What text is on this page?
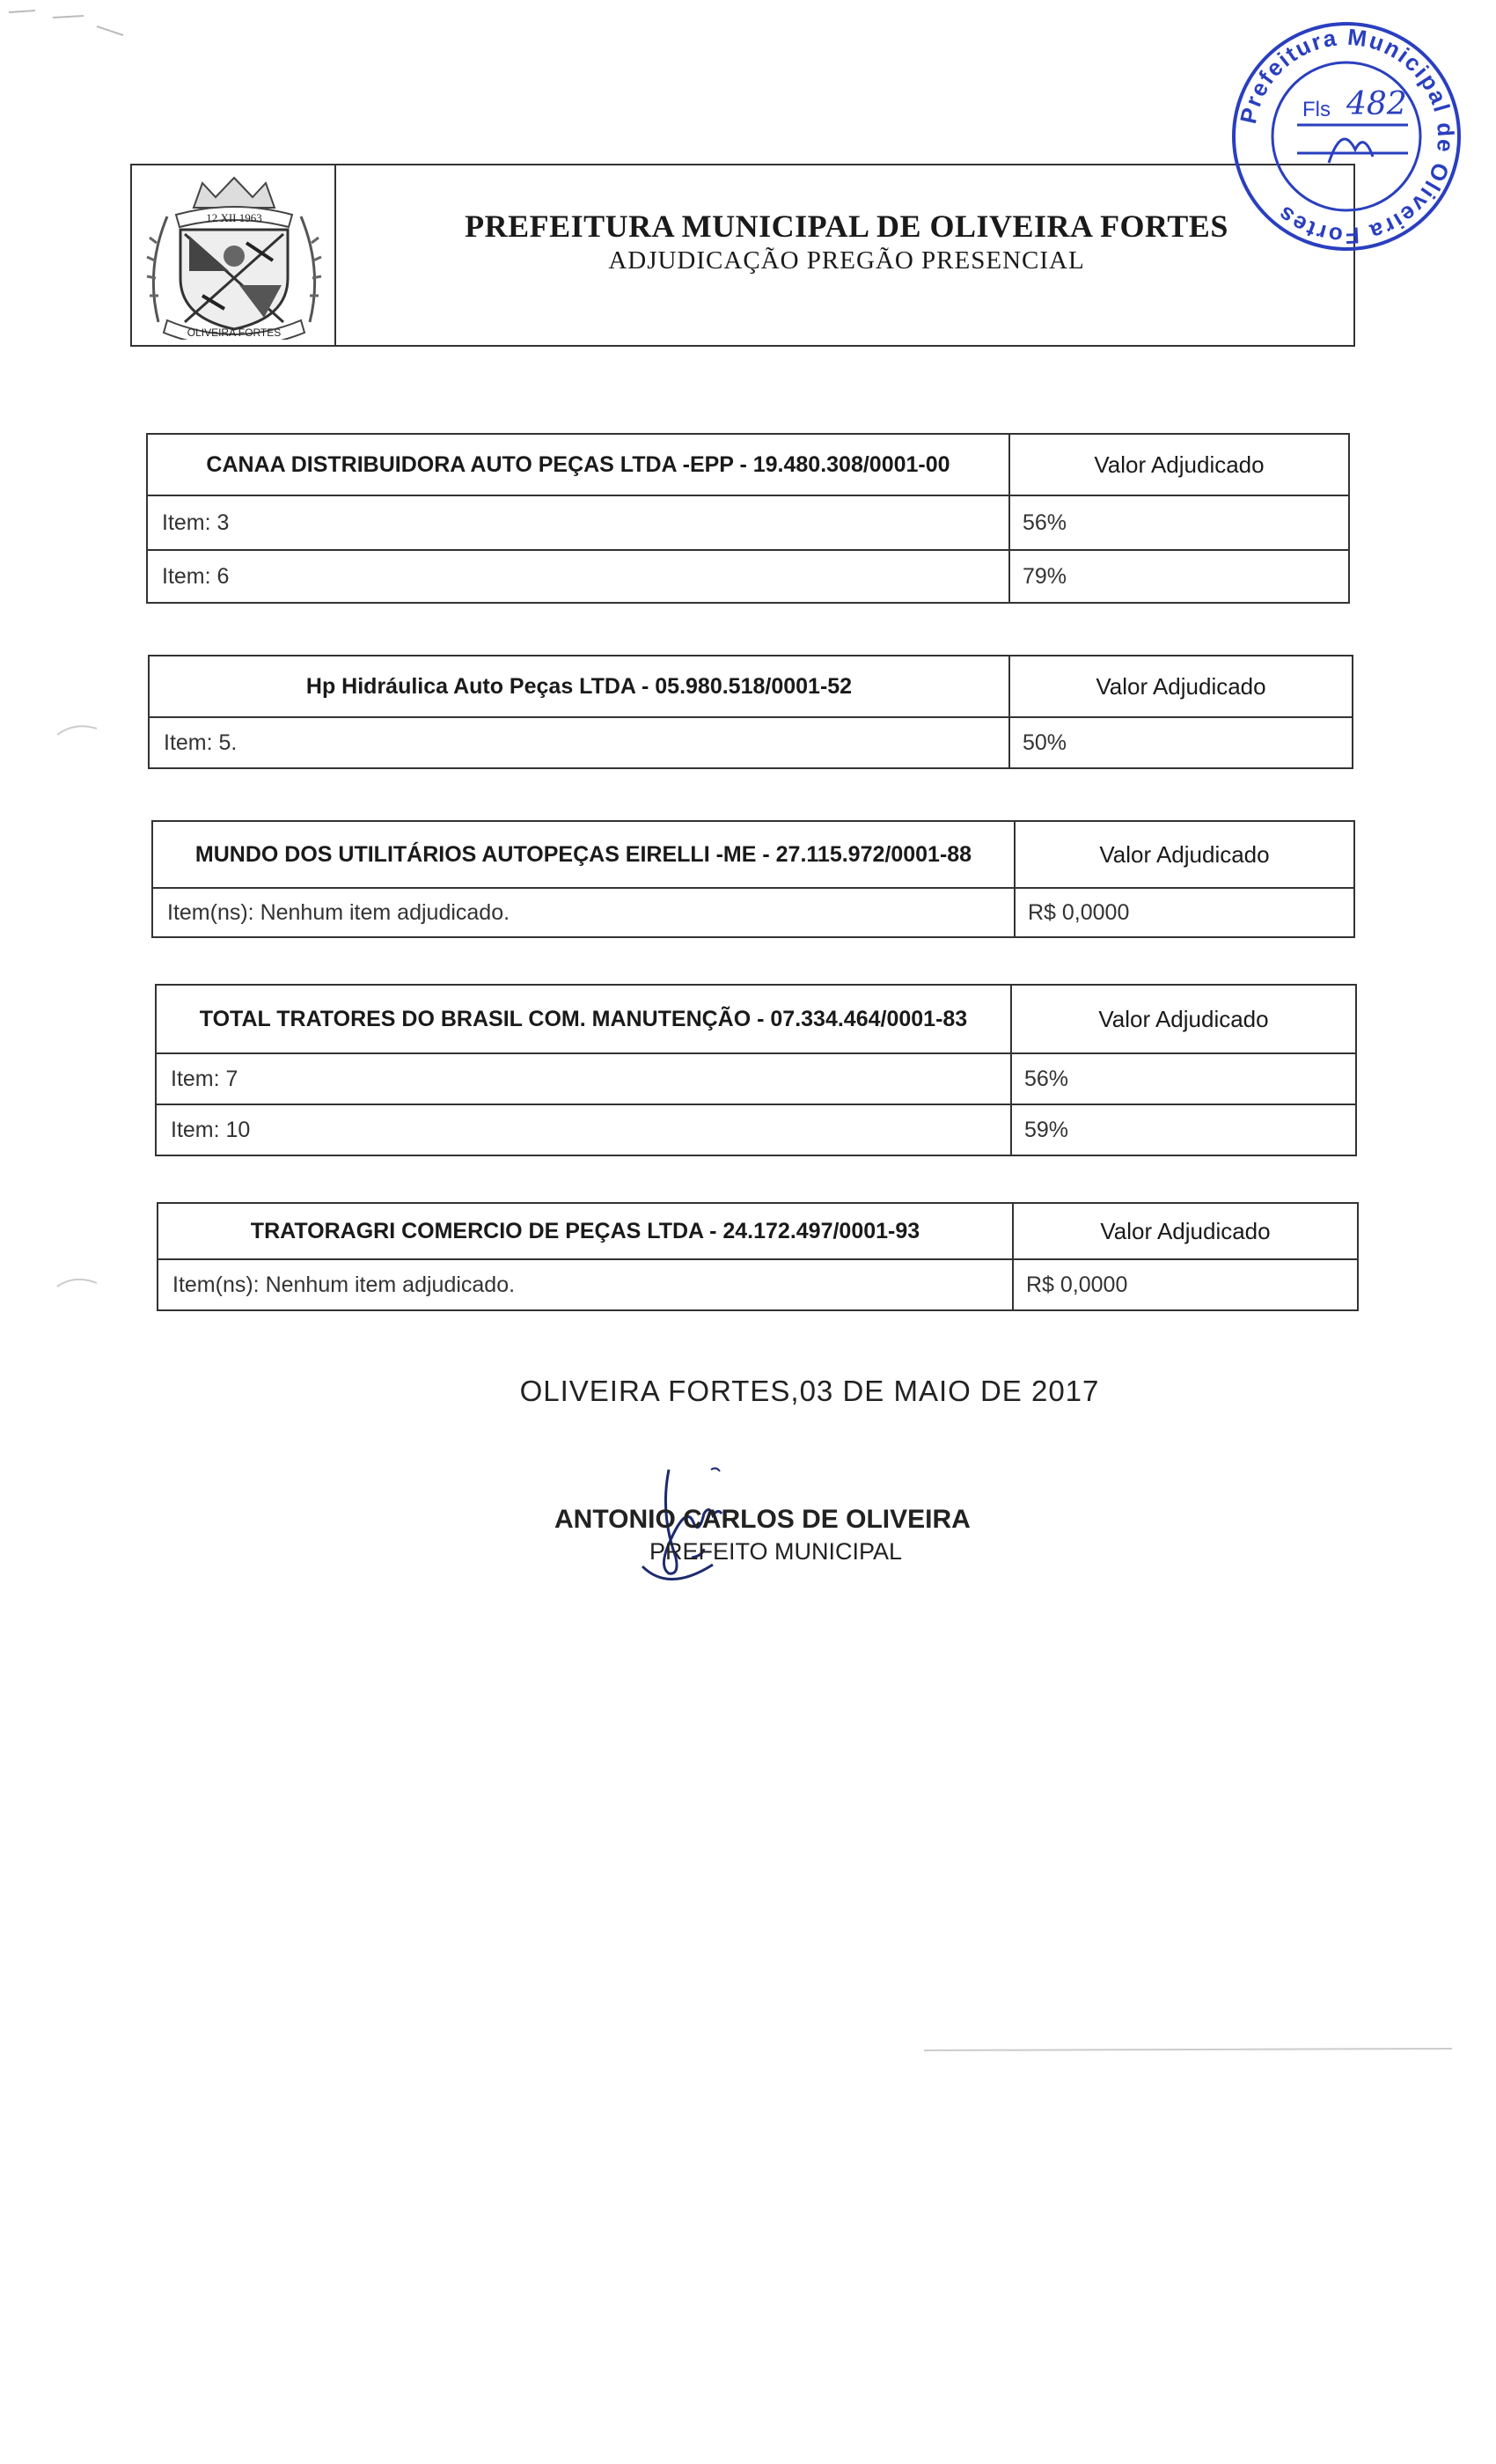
12 XII 1963
OLIVEIRA FORTES
PREFEITURA MUNICIPAL DE OLIVEIRA FORTES
ADJUDICAÇÃO PREGÃO PRESENCIAL
Prefeitura Municipal de Oliveira Fortes
Fls 482
CANAA DISTRIBUIDORA AUTO PEÇAS LTDA -EPP - 19.480.308/0001-00	Valor Adjudicado
Item: 3	56%
Item: 6	79%
Hp Hidráulica Auto Peças LTDA - 05.980.518/0001-52	Valor Adjudicado
Item: 5.	50%
MUNDO DOS UTILITÁRIOS AUTOPEÇAS EIRELLI -ME - 27.115.972/0001-88	Valor Adjudicado
Item(ns): Nenhum item adjudicado.	R$ 0,0000
TOTAL TRATORES DO BRASIL COM. MANUTENÇÃO - 07.334.464/0001-83	Valor Adjudicado
Item: 7	56%
Item: 10	59%
TRATORAGRI COMERCIO DE PEÇAS LTDA - 24.172.497/0001-93	Valor Adjudicado
Item(ns): Nenhum item adjudicado.	R$ 0,0000
OLIVEIRA FORTES,03 DE MAIO DE 2017
ANTONIO CARLOS DE OLIVEIRA
PREFEITO MUNICIPAL
